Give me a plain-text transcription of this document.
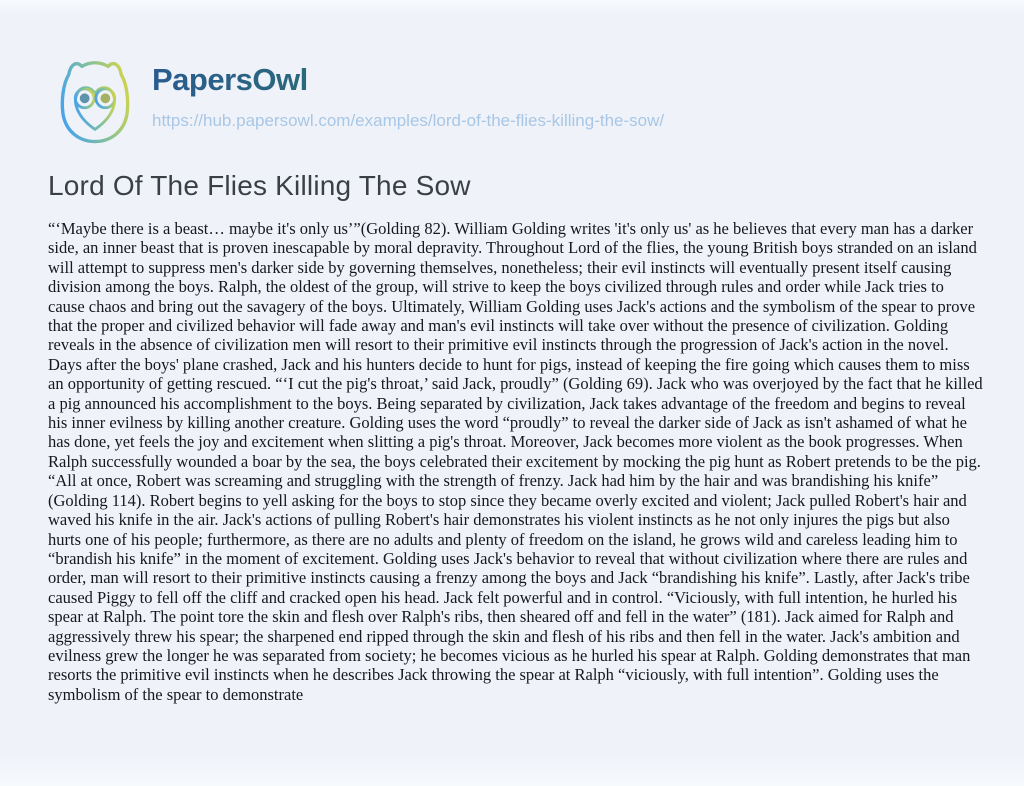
PapersOwl
https://hub.papersowl.com/examples/lord-of-the-flies-killing-the-sow/
Lord Of The Flies Killing The Sow

“‘Maybe there is a beast… maybe it's only us’”(Golding 82). William Golding writes 'it's only us' as he believes that every man has a darker side, an inner beast that is proven inescapable by moral depravity. Throughout Lord of the flies, the young British boys stranded on an island will attempt to suppress men's darker side by governing themselves, nonetheless; their evil instincts will eventually present itself causing division among the boys. Ralph, the oldest of the group, will strive to keep the boys civilized through rules and order while Jack tries to cause chaos and bring out the savagery of the boys. Ultimately, William Golding uses Jack's actions and the symbolism of the spear to prove that the proper and civilized behavior will fade away and man's evil instincts will take over without the presence of civilization. Golding reveals in the absence of civilization men will resort to their primitive evil instincts through the progression of Jack's action in the novel. Days after the boys' plane crashed, Jack and his hunters decide to hunt for pigs, instead of keeping the fire going which causes them to miss an opportunity of getting rescued. “‘I cut the pig's throat,’ said Jack, proudly” (Golding 69). Jack who was overjoyed by the fact that he killed a pig announced his accomplishment to the boys. Being separated by civilization, Jack takes advantage of the freedom and begins to reveal his inner evilness by killing another creature. Golding uses the word “proudly” to reveal the darker side of Jack as isn't ashamed of what he has done, yet feels the joy and excitement when slitting a pig's throat. Moreover, Jack becomes more violent as the book progresses. When Ralph successfully wounded a boar by the sea, the boys celebrated their excitement by mocking the pig hunt as Robert pretends to be the pig. “All at once, Robert was screaming and struggling with the strength of frenzy. Jack had him by the hair and was brandishing his knife” (Golding 114). Robert begins to yell asking for the boys to stop since they became overly excited and violent; Jack pulled Robert's hair and waved his knife in the air. Jack's actions of pulling Robert's hair demonstrates his violent instincts as he not only injures the pigs but also hurts one of his people; furthermore, as there are no adults and plenty of freedom on the island, he grows wild and careless leading him to “brandish his knife” in the moment of excitement. Golding uses Jack's behavior to reveal that without civilization where there are rules and order, man will resort to their primitive instincts causing a frenzy among the boys and Jack “brandishing his knife”. Lastly, after Jack's tribe caused Piggy to fell off the cliff and cracked open his head. Jack felt powerful and in control. “Viciously, with full intention, he hurled his spear at Ralph. The point tore the skin and flesh over Ralph's ribs, then sheared off and fell in the water” (181). Jack aimed for Ralph and aggressively threw his spear; the sharpened end ripped through the skin and flesh of his ribs and then fell in the water. Jack's ambition and evilness grew the longer he was separated from society; he becomes vicious as he hurled his spear at Ralph. Golding demonstrates that man resorts the primitive evil instincts when he describes Jack throwing the spear at Ralph “viciously, with full intention”. Golding uses the symbolism of the spear to demonstrate
